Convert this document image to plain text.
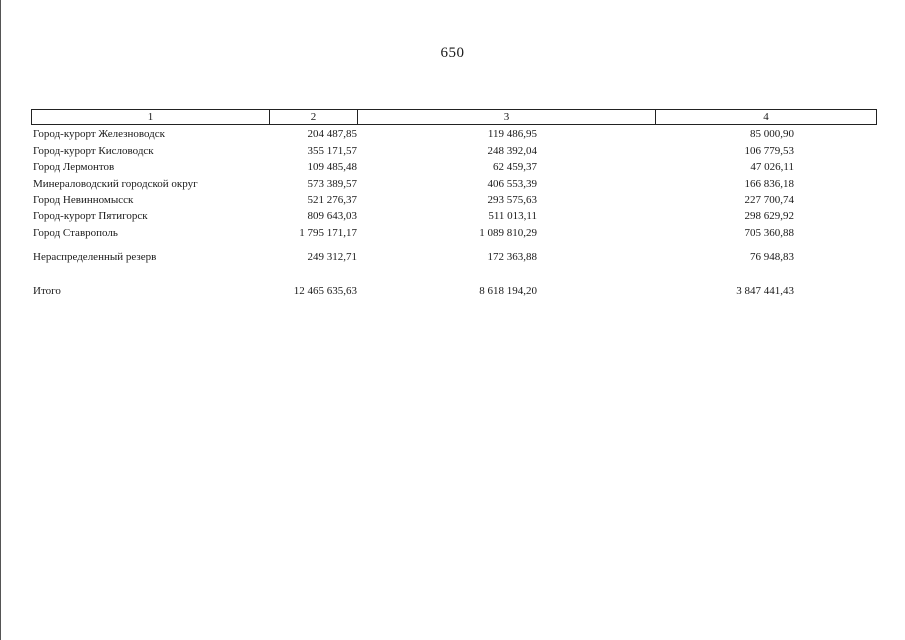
650
1	2	3	4
Город-курорт Железноводск	204 487,85	119 486,95	85 000,90
Город-курорт Кисловодск	355 171,57	248 392,04	106 779,53
Город Лермонтов	109 485,48	62 459,37	47 026,11
Минераловодский городской округ	573 389,57	406 553,39	166 836,18
Город Невинномысск	521 276,37	293 575,63	227 700,74
Город-курорт Пятигорск	809 643,03	511 013,11	298 629,92
Город Ставрополь	1 795 171,17	1 089 810,29	705 360,88
Нераспределенный резерв	249 312,71	172 363,88	76 948,83
Итого	12 465 635,63	8 618 194,20	3 847 441,43
